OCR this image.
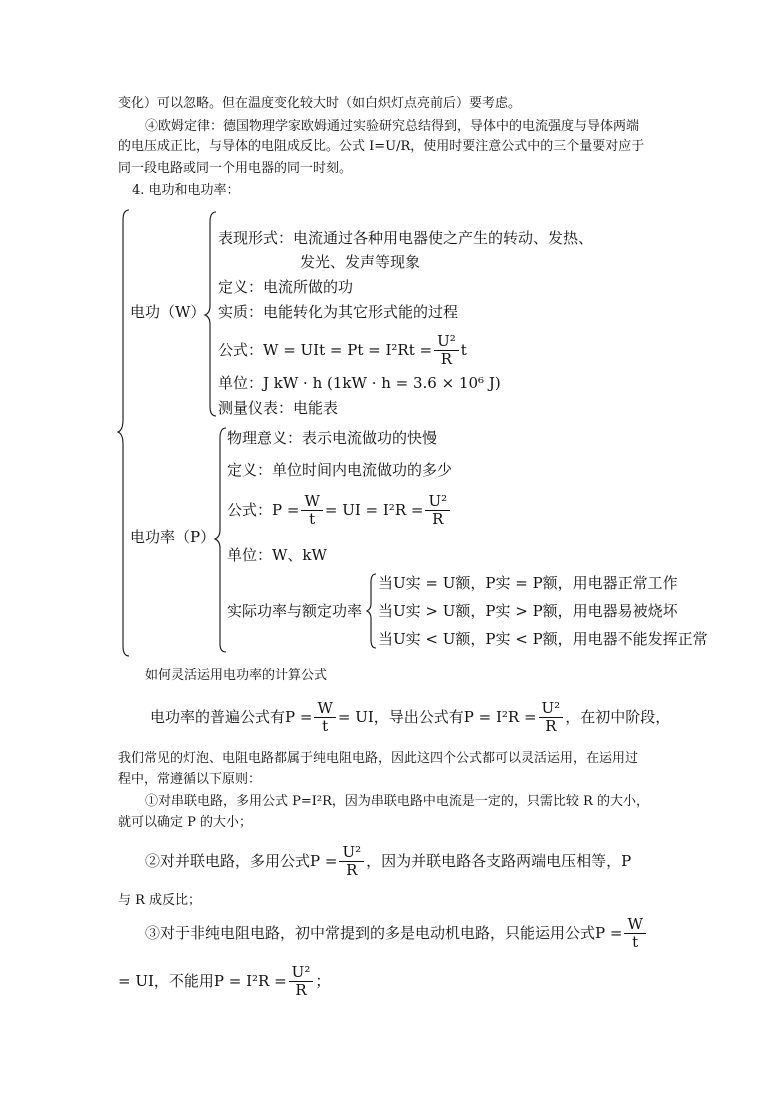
变化）可以忽略。但在温度变化较大时（如白炽灯点亮前后）要考虑。
④欧姆定律：德国物理学家欧姆通过实验研究总结得到，导体中的电流强度与导体两端
的电压成正比，与导体的电阻成反比。公式 I=U/R，使用时要注意公式中的三个量要对应于
同一段电路或同一个用电器的同一时刻。
4. 电功和电功率：
电功（W）
表现形式：电流通过各种用电器使之产生的转动、发热、
发光、发声等现象
定义：电流所做的功
实质：电能转化为其它形式能的过程
公式：W = UIt = $Pt = I^2Rt = \frac{\text{U²}}{R}$ t
单位：J kW · h (1kW · h = 3.6 × 10⁶ J)
测量仪表：电能表
电功率（P）
物理意义：表示电流做功的快慢
定义：单位时间内电流做功的多少
公式：$P = \frac{W}{t}$ = UI = $I^2R = \frac{\text{U²}}{R}$
单位：W、kW
实际功率与额定功率
当U实 = U额，P实 = P额，用电器正常工作
当U实 > U额，P实 > P额，用电器易被烧坏
当U实 < U额，P实 < P额，用电器不能发挥正常
如何灵活运用电功率的计算公式
电功率的普遍公式有$P = \frac{W}{t}$ = UI，导出公式有$P = I^2R = \frac{\text{U²}}{R}$ ，在初中阶段，
我们常见的灯泡、电阻电路都属于纯电阻电路，因此这四个公式都可以灵活运用，在运用过
程中，常遵循以下原则：
①对串联电路，多用公式 P=I²R，因为串联电路中电流是一定的，只需比较 R 的大小，
就可以确定 P 的大小；
②对并联电路，多用公式$P = \frac{\text{U²}}{R}$ ，因为并联电路各支路两端电压相等，P
与 R 成反比；
③对于非纯电阻电路，初中常提到的多是电动机电路，只能运用公式$P = \frac{W}{t}$
= UI，不能用$P = I^2R = \frac{\text{U²}}{R}$ ；
